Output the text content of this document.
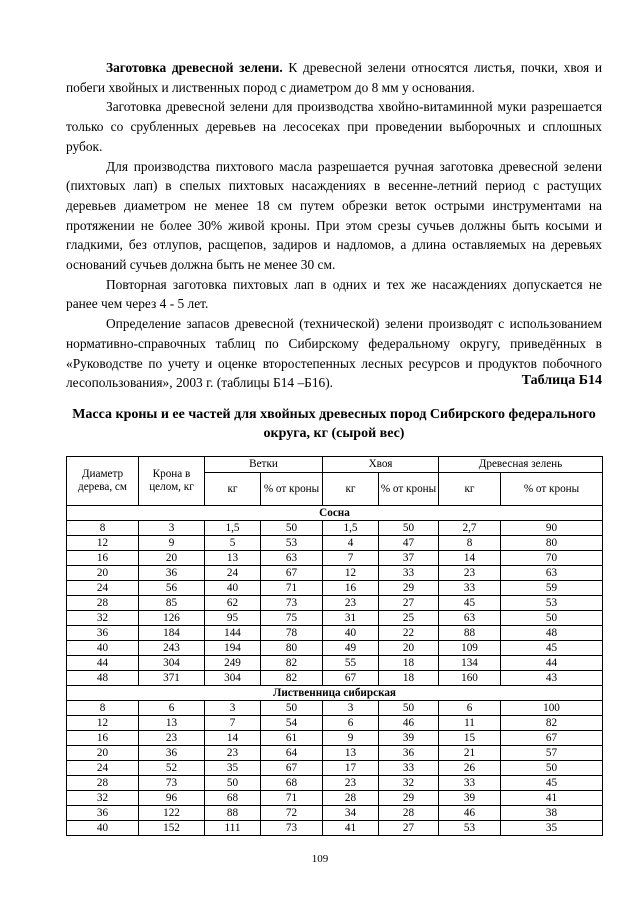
Заготовка древесной зелени. К древесной зелени относятся листья, почки, хвоя и побеги хвойных и лиственных пород с диаметром до 8 мм у основания.

Заготовка древесной зелени для производства хвойно-витаминной муки разрешается только со срубленных деревьев на лесосеках при проведении выборочных и сплошных рубок.

Для производства пихтового масла разрешается ручная заготовка древесной зелени (пихтовых лап) в спелых пихтовых насаждениях в весенне-летний период с растущих деревьев диаметром не менее 18 см путем обрезки веток острыми инструментами на протяжении не более 30% живой кроны. При этом срезы сучьев должны быть косыми и гладкими, без отлупов, расщепов, задиров и надломов, а длина оставляемых на деревьях оснований сучьев должна быть не менее 30 см.

Повторная заготовка пихтовых лап в одних и тех же насаждениях допускается не ранее чем через 4 - 5 лет.

Определение запасов древесной (технической) зелени производят с использованием нормативно-справочных таблиц по Сибирскому федеральному округу, приведённых в «Руководстве по учету и оценке второстепенных лесных ресурсов и продуктов побочного лесопользования», 2003 г. (таблицы Б14 –Б16).	Таблица Б14
Масса кроны и ее частей для хвойных древесных пород Сибирского федерального округа, кг (сырой вес)
Диаметр дерева, см	Крона в целом, кг	Ветки		Хвоя		Древесная зелень	
		кг	% от кроны	кг	% от кроны	кг	% от кроны
Сосна							
8	3	1,5	50	1,5	50	2,7	90
12	9	5	53	4	47	8	80
16	20	13	63	7	37	14	70
20	36	24	67	12	33	23	63
24	56	40	71	16	29	33	59
28	85	62	73	23	27	45	53
32	126	95	75	31	25	63	50
36	184	144	78	40	22	88	48
40	243	194	80	49	20	109	45
44	304	249	82	55	18	134	44
48	371	304	82	67	18	160	43
Лиственница сибирская							
8	6	3	50	3	50	6	100
12	13	7	54	6	46	11	82
16	23	14	61	9	39	15	67
20	36	23	64	13	36	21	57
24	52	35	67	17	33	26	50
28	73	50	68	23	32	33	45
32	96	68	71	28	29	39	41
36	122	88	72	34	28	46	38
40	152	111	73	41	27	53	35
109
